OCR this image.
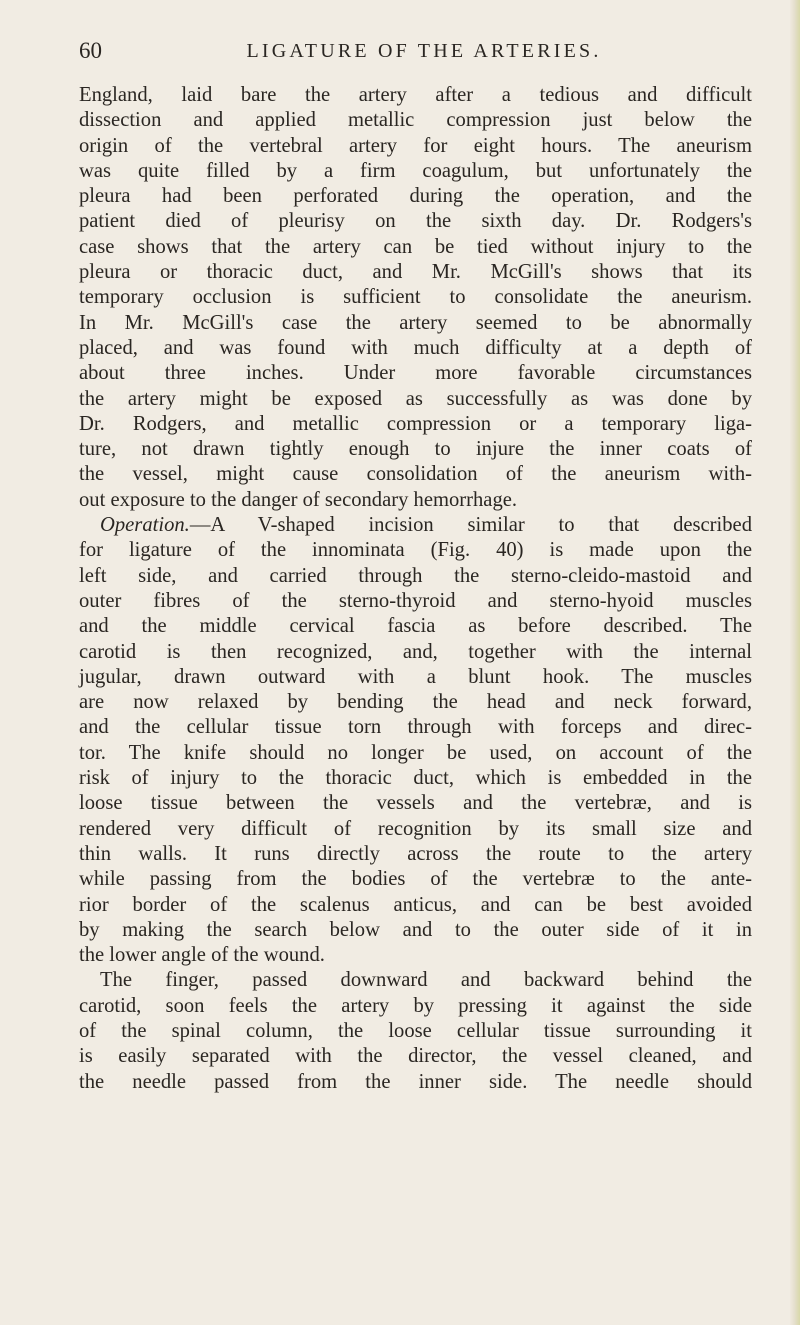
60	LIGATURE OF THE ARTERIES.
England, laid bare the artery after a tedious and difficult
dissection and applied metallic compression just below the
origin of the vertebral artery for eight hours. The aneurism
was quite filled by a firm coagulum, but unfortunately the
pleura had been perforated during the operation, and the
patient died of pleurisy on the sixth day. Dr. Rodgers's
case shows that the artery can be tied without injury to the
pleura or thoracic duct, and Mr. McGill's shows that its
temporary occlusion is sufficient to consolidate the aneurism.
In Mr. McGill's case the artery seemed to be abnormally
placed, and was found with much difficulty at a depth of
about three inches. Under more favorable circumstances
the artery might be exposed as successfully as was done by
Dr. Rodgers, and metallic compression or a temporary liga-
ture, not drawn tightly enough to injure the inner coats of
the vessel, might cause consolidation of the aneurism with-
out exposure to the danger of secondary hemorrhage.
Operation.—A V-shaped incision similar to that described
for ligature of the innominata (Fig. 40) is made upon the
left side, and carried through the sterno-cleido-mastoid and
outer fibres of the sterno-thyroid and sterno-hyoid muscles
and the middle cervical fascia as before described. The
carotid is then recognized, and, together with the internal
jugular, drawn outward with a blunt hook. The muscles
are now relaxed by bending the head and neck forward,
and the cellular tissue torn through with forceps and direc-
tor. The knife should no longer be used, on account of the
risk of injury to the thoracic duct, which is embedded in the
loose tissue between the vessels and the vertebræ, and is
rendered very difficult of recognition by its small size and
thin walls. It runs directly across the route to the artery
while passing from the bodies of the vertebræ to the ante-
rior border of the scalenus anticus, and can be best avoided
by making the search below and to the outer side of it in
the lower angle of the wound.
The finger, passed downward and backward behind the
carotid, soon feels the artery by pressing it against the side
of the spinal column, the loose cellular tissue surrounding it
is easily separated with the director, the vessel cleaned, and
the needle passed from the inner side. The needle should
